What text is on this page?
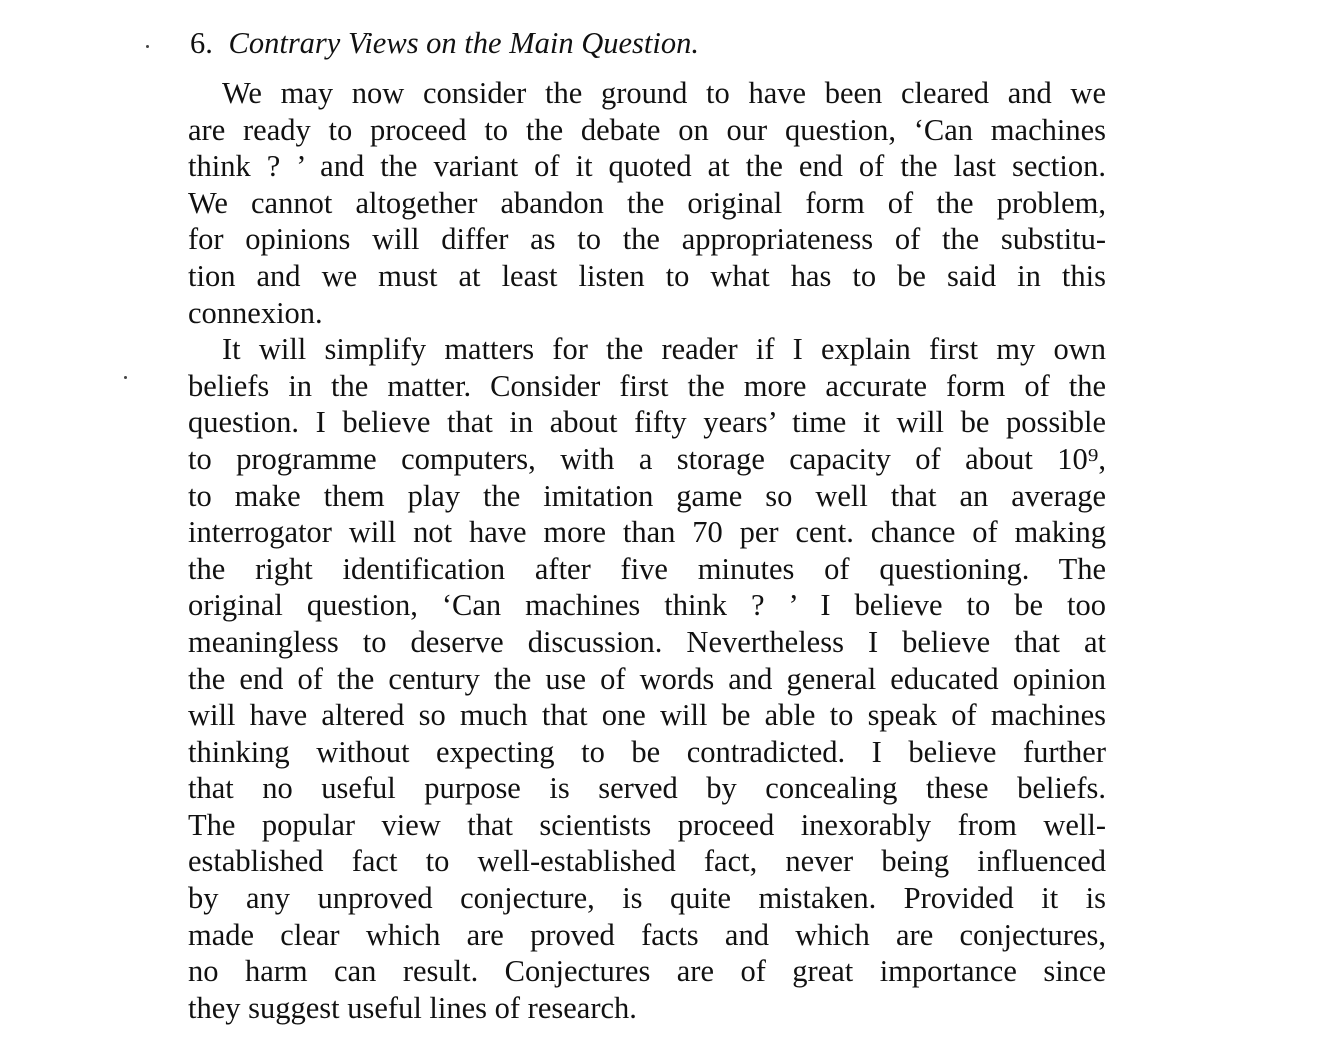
6. Contrary Views on the Main Question.
We may now consider the ground to have been cleared and we
are ready to proceed to the debate on our question, ‘Can machines
think ? ’ and the variant of it quoted at the end of the last section.
We cannot altogether abandon the original form of the problem,
for opinions will differ as to the appropriateness of the substitu-
tion and we must at least listen to what has to be said in this
connexion.
It will simplify matters for the reader if I explain first my own
beliefs in the matter. Consider first the more accurate form of the
question. I believe that in about fifty years’ time it will be possible
to programme computers, with a storage capacity of about 10⁹,
to make them play the imitation game so well that an average
interrogator will not have more than 70 per cent. chance of making
the right identification after five minutes of questioning. The
original question, ‘Can machines think ? ’ I believe to be too
meaningless to deserve discussion. Nevertheless I believe that at
the end of the century the use of words and general educated opinion
will have altered so much that one will be able to speak of machines
thinking without expecting to be contradicted. I believe further
that no useful purpose is served by concealing these beliefs.
The popular view that scientists proceed inexorably from well-
established fact to well-established fact, never being influenced
by any unproved conjecture, is quite mistaken. Provided it is
made clear which are proved facts and which are conjectures,
no harm can result. Conjectures are of great importance since
they suggest useful lines of research.
